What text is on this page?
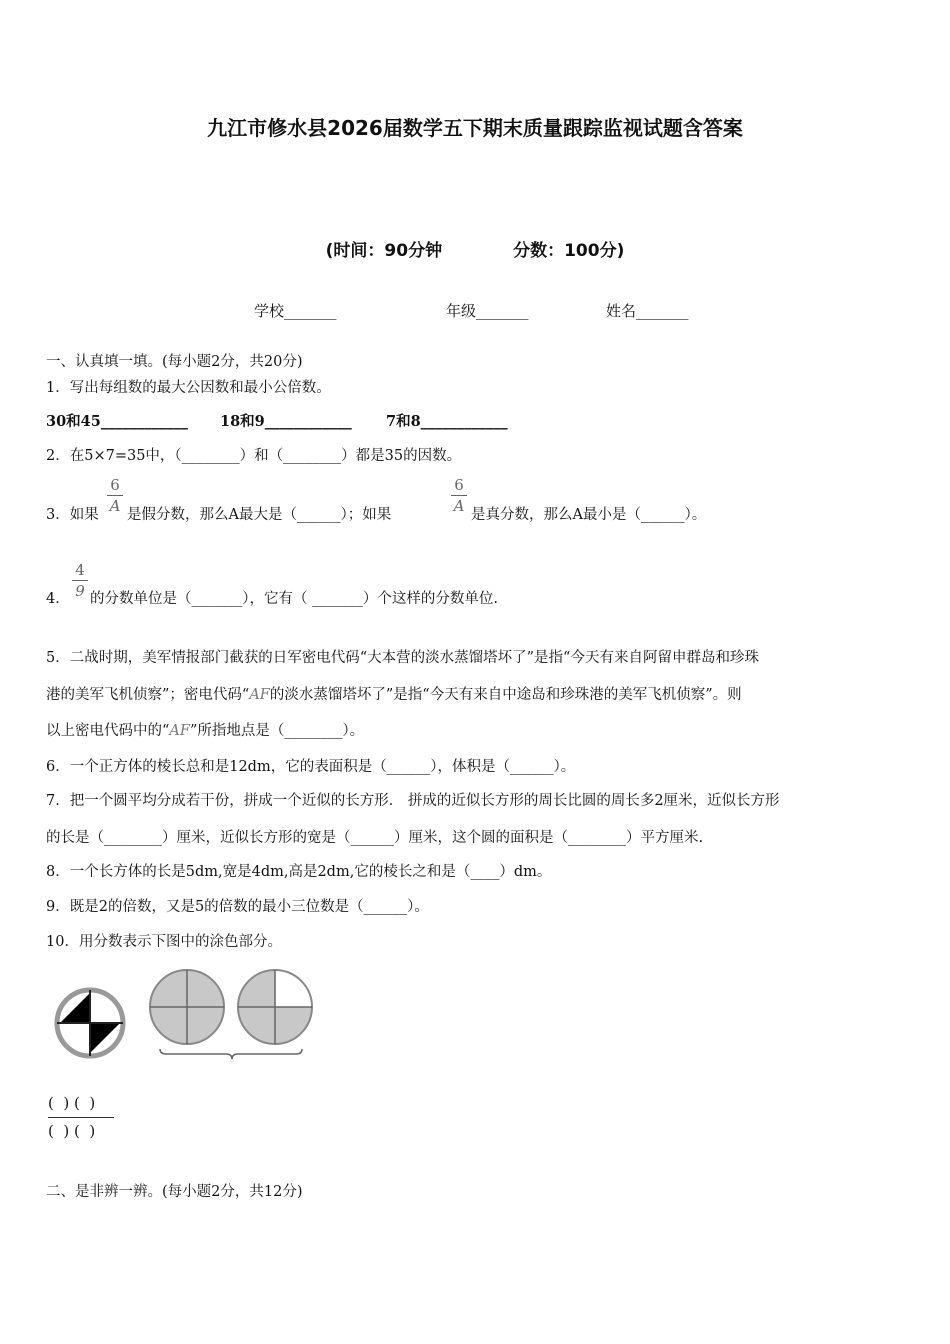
九江市修水县2026届数学五下期末质量跟踪监视试题含答案
(时间：90分钟            分数：100分)
学校_______	年级_______	姓名_______
一、认真填一填。(每小题2分，共20分)
1．写出每组数的最大公因数和最小公倍数。
30和45____________ 18和9____________ 7和8____________
2．在5×7=35中，（________）和（________）都是35的因数。
3．如果
6
A 是假分数，那么A最大是（______）；如果
6
A 是真分数，那么A最小是（______）。
4．
4
9 的分数单位是（_______），它有（ _______）个这样的分数单位.
5．二战时期，美军情报部门截获的日军密电代码“大本营的淡水蒸馏塔坏了”是指“今天有来自阿留申群岛和珍珠
港的美军飞机侦察”；密电代码“AF的淡水蒸馏塔坏了”是指“今天有来自中途岛和珍珠港的美军飞机侦察”。则
以上密电代码中的“AF”所指地点是（________）。
6．一个正方体的棱长总和是12dm，它的表面积是（______），体积是（______）。
7．把一个圆平均分成若干份，拼成一个近似的长方形． 拼成的近似长方形的周长比圆的周长多2厘米，近似长方形
的长是（________）厘米，近似长方形的宽是（______）厘米，这个圆的面积是（________）平方厘米.
8．一个长方体的长是5dm,宽是4dm,高是2dm,它的棱长之和是（____）dm。
9．既是2的倍数，又是5的倍数的最小三位数是（______）。
10．用分数表示下图中的涂色部分。
(  ) (  )
(  ) (  )
二、是非辨一辨。(每小题2分，共12分)
